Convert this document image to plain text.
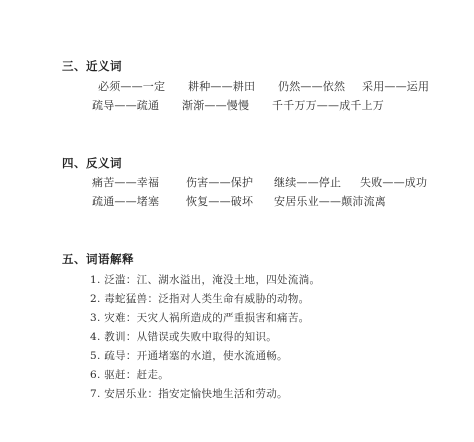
三、近义词
必须——一定 耕种——耕田 仍然——依然 采用——运用
疏导——疏通 渐渐——慢慢 千千万万——成千上万
四、反义词
痛苦——幸福 伤害——保护 继续——停止 失败——成功
疏通——堵塞 恢复——破坏 安居乐业——颠沛流离
五、词语解释
1. 泛滥：江、湖水溢出，淹没土地，四处流淌。
2. 毒蛇猛兽：泛指对人类生命有威胁的动物。
3. 灾难：天灾人祸所造成的严重损害和痛苦。
4. 教训：从错误或失败中取得的知识。
5. 疏导：开通堵塞的水道，使水流通畅。
6. 驱赶：赶走。
7. 安居乐业：指安定愉快地生活和劳动。
